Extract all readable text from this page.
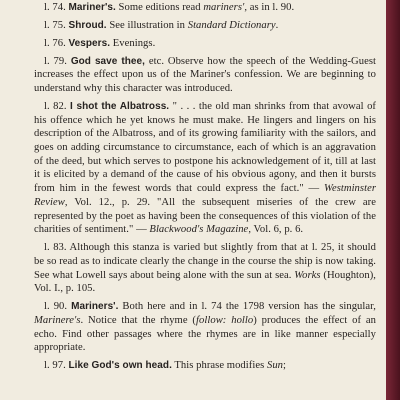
l. 74. Mariner's. Some editions read mariners', as in l. 90.

l. 75. Shroud. See illustration in Standard Dictionary.

l. 76. Vespers. Evenings.

l. 79. God save thee, etc. Observe how the speech of the Wedding-Guest increases the effect upon us of the Mariner's confession. We are beginning to understand why this character was introduced.

l. 82. I shot the Albatross. " . . . the old man shrinks from that avowal of his offence which he yet knows he must make. He lingers and lingers on his description of the Albatross, and of its growing familiarity with the sailors, and goes on adding circumstance to circumstance, each of which is an aggravation of the deed, but which serves to postpone his acknowledgement of it, till at last it is elicited by a demand of the cause of his obvious agony, and then it bursts from him in the fewest words that could express the fact." — Westminster Review, Vol. 12., p. 29. "All the subsequent miseries of the crew are represented by the poet as having been the consequences of this violation of the charities of sentiment." — Blackwood's Magazine, Vol. 6, p. 6.

l. 83. Although this stanza is varied but slightly from that at l. 25, it should be so read as to indicate clearly the change in the course the ship is now taking. See what Lowell says about being alone with the sun at sea. Works (Houghton), Vol. I., p. 105.

l. 90. Mariners'. Both here and in l. 74 the 1798 version has the singular, Marinere's. Notice that the rhyme (follow: hollo) produces the effect of an echo. Find other passages where the rhymes are in like manner especially appropriate.

l. 97. Like God's own head. This phrase modifies Sun;
